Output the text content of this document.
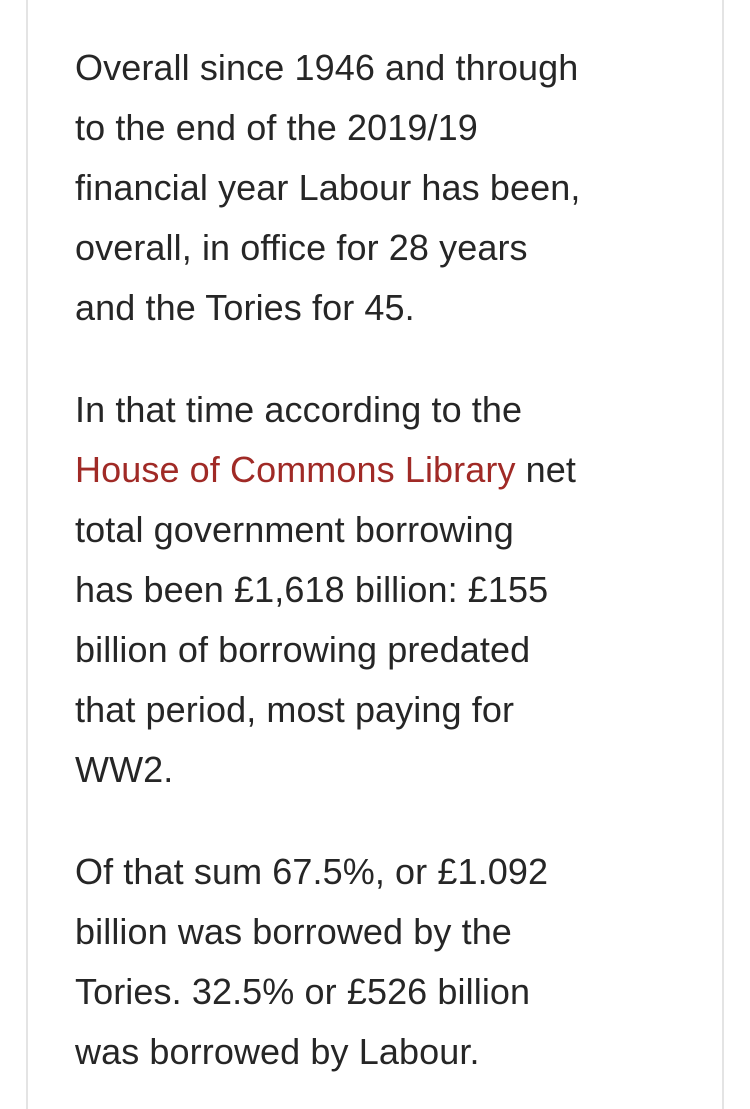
Overall since 1946 and through
to the end of the 2019/19
financial year Labour has been,
overall, in office for 28 years
and the Tories for 45.

In that time according to the
House of Commons Library net
total government borrowing
has been £1,618 billion: £155
billion of borrowing predated
that period, most paying for
WW2.

Of that sum 67.5%, or £1.092
billion was borrowed by the
Tories. 32.5% or £526 billion
was borrowed by Labour.
